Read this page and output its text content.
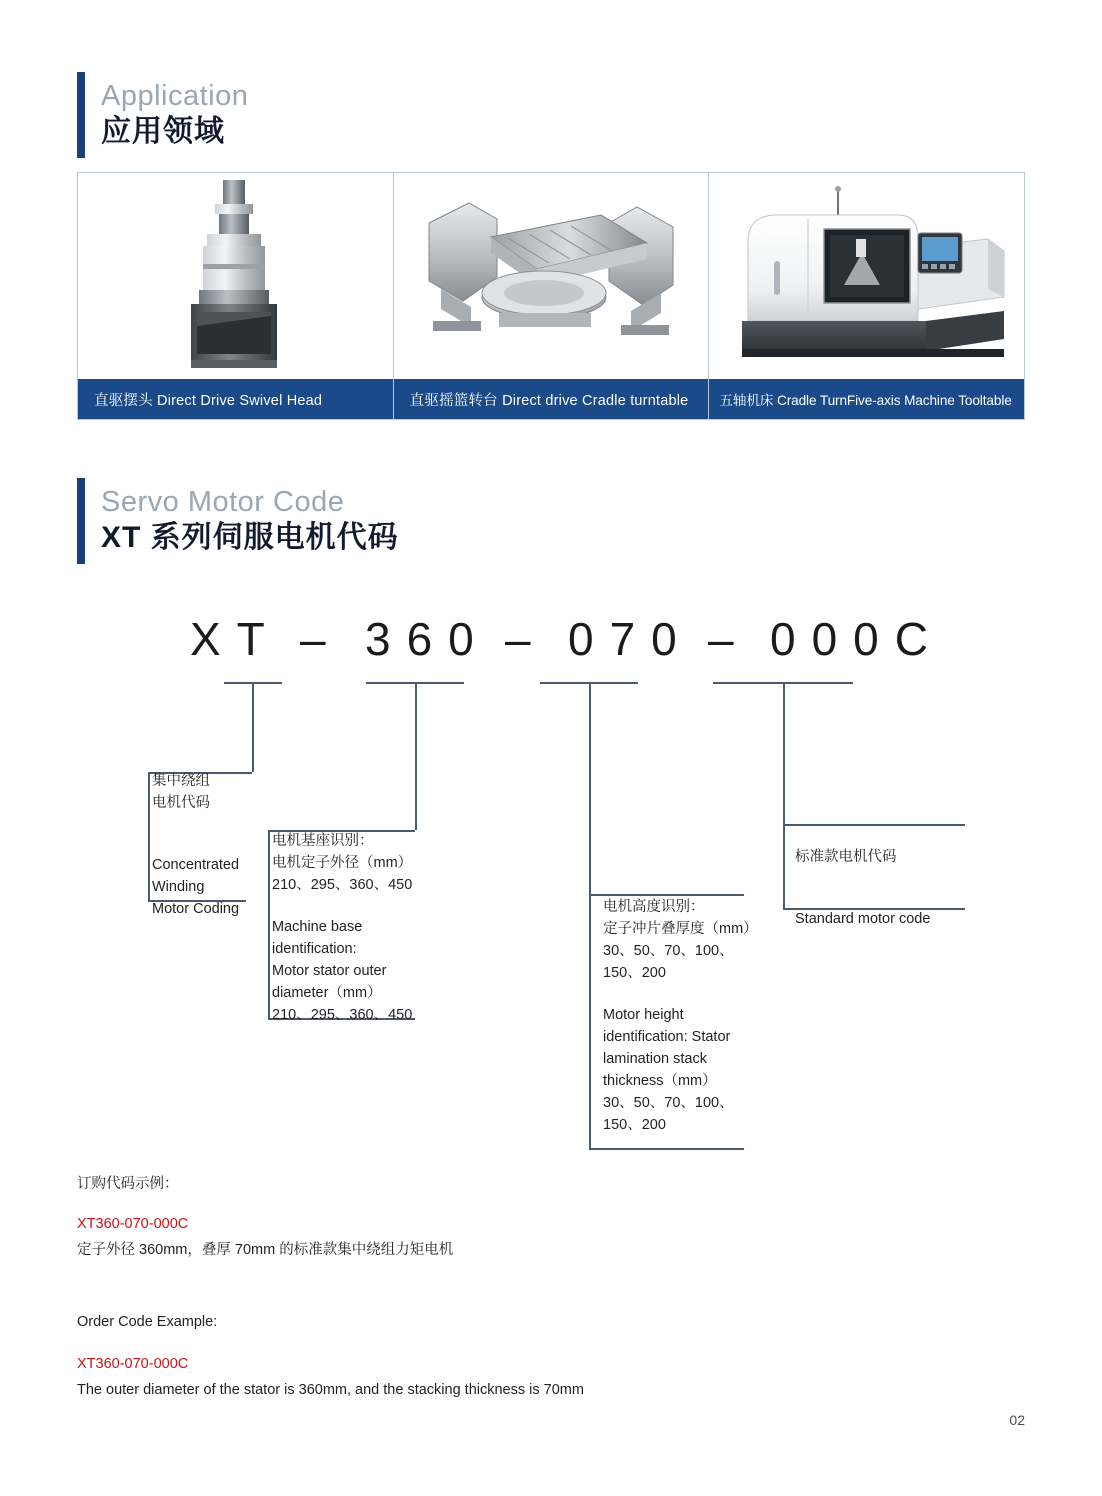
Application
应用领域
直驱摆头 Direct Drive Swivel Head	直驱摇篮转台 Direct drive Cradle turntable	五轴机床 Cradle TurnFive-axis Machine Tooltable
Servo Motor Code
XT 系列伺服电机代码
XT – 360 – 070 – 000C

集中绕组

电机代码

Concentrated

Winding

Motor Coding

电机基座识别：

电机定子外径（mm）

210、295、360、450

Machine base

identification:

Motor stator outer

diameter（mm）

210、295、360、450

电机高度识别：

定子冲片叠厚度（mm）

30、50、70、100、

150、200

Motor height

identification: Stator

lamination stack

thickness（mm）

30、50、70、100、

150、200

标准款电机代码

Standard motor code

订购代码示例：

XT360-070-000C

定子外径 360mm，叠厚 70mm 的标准款集中绕组力矩电机

Order Code Example:

XT360-070-000C

The outer diameter of the stator is 360mm, and the stacking thickness is 70mm

02
